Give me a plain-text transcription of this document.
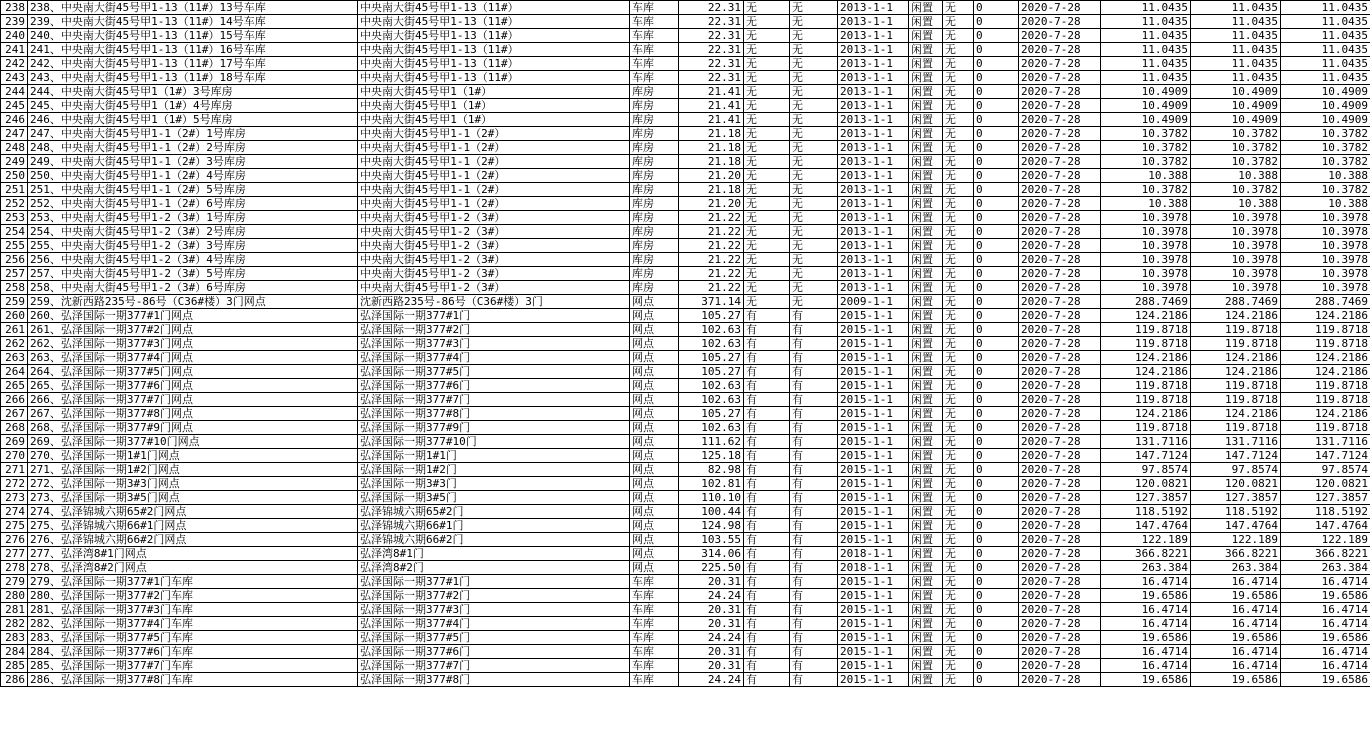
238	238、中央南大街45号甲1-13（11#）13号车库	中央南大街45号甲1-13（11#）	车库	22.31	无	无	2013-1-1	闲置	无	0	2020-7-28	11.0435	11.0435	11.0435
239	239、中央南大街45号甲1-13（11#）14号车库	中央南大街45号甲1-13（11#）	车库	22.31	无	无	2013-1-1	闲置	无	0	2020-7-28	11.0435	11.0435	11.0435
240	240、中央南大街45号甲1-13（11#）15号车库	中央南大街45号甲1-13（11#）	车库	22.31	无	无	2013-1-1	闲置	无	0	2020-7-28	11.0435	11.0435	11.0435
241	241、中央南大街45号甲1-13（11#）16号车库	中央南大街45号甲1-13（11#）	车库	22.31	无	无	2013-1-1	闲置	无	0	2020-7-28	11.0435	11.0435	11.0435
242	242、中央南大街45号甲1-13（11#）17号车库	中央南大街45号甲1-13（11#）	车库	22.31	无	无	2013-1-1	闲置	无	0	2020-7-28	11.0435	11.0435	11.0435
243	243、中央南大街45号甲1-13（11#）18号车库	中央南大街45号甲1-13（11#）	车库	22.31	无	无	2013-1-1	闲置	无	0	2020-7-28	11.0435	11.0435	11.0435
244	244、中央南大街45号甲1（1#）3号库房	中央南大街45号甲1（1#）	库房	21.41	无	无	2013-1-1	闲置	无	0	2020-7-28	10.4909	10.4909	10.4909
245	245、中央南大街45号甲1（1#）4号库房	中央南大街45号甲1（1#）	库房	21.41	无	无	2013-1-1	闲置	无	0	2020-7-28	10.4909	10.4909	10.4909
246	246、中央南大街45号甲1（1#）5号库房	中央南大街45号甲1（1#）	库房	21.41	无	无	2013-1-1	闲置	无	0	2020-7-28	10.4909	10.4909	10.4909
247	247、中央南大街45号甲1-1（2#）1号库房	中央南大街45号甲1-1（2#）	库房	21.18	无	无	2013-1-1	闲置	无	0	2020-7-28	10.3782	10.3782	10.3782
248	248、中央南大街45号甲1-1（2#）2号库房	中央南大街45号甲1-1（2#）	库房	21.18	无	无	2013-1-1	闲置	无	0	2020-7-28	10.3782	10.3782	10.3782
249	249、中央南大街45号甲1-1（2#）3号库房	中央南大街45号甲1-1（2#）	库房	21.18	无	无	2013-1-1	闲置	无	0	2020-7-28	10.3782	10.3782	10.3782
250	250、中央南大街45号甲1-1（2#）4号库房	中央南大街45号甲1-1（2#）	库房	21.20	无	无	2013-1-1	闲置	无	0	2020-7-28	10.388	10.388	10.388
251	251、中央南大街45号甲1-1（2#）5号库房	中央南大街45号甲1-1（2#）	库房	21.18	无	无	2013-1-1	闲置	无	0	2020-7-28	10.3782	10.3782	10.3782
252	252、中央南大街45号甲1-1（2#）6号库房	中央南大街45号甲1-1（2#）	库房	21.20	无	无	2013-1-1	闲置	无	0	2020-7-28	10.388	10.388	10.388
253	253、中央南大街45号甲1-2（3#）1号库房	中央南大街45号甲1-2（3#）	库房	21.22	无	无	2013-1-1	闲置	无	0	2020-7-28	10.3978	10.3978	10.3978
254	254、中央南大街45号甲1-2（3#）2号库房	中央南大街45号甲1-2（3#）	库房	21.22	无	无	2013-1-1	闲置	无	0	2020-7-28	10.3978	10.3978	10.3978
255	255、中央南大街45号甲1-2（3#）3号库房	中央南大街45号甲1-2（3#）	库房	21.22	无	无	2013-1-1	闲置	无	0	2020-7-28	10.3978	10.3978	10.3978
256	256、中央南大街45号甲1-2（3#）4号库房	中央南大街45号甲1-2（3#）	库房	21.22	无	无	2013-1-1	闲置	无	0	2020-7-28	10.3978	10.3978	10.3978
257	257、中央南大街45号甲1-2（3#）5号库房	中央南大街45号甲1-2（3#）	库房	21.22	无	无	2013-1-1	闲置	无	0	2020-7-28	10.3978	10.3978	10.3978
258	258、中央南大街45号甲1-2（3#）6号库房	中央南大街45号甲1-2（3#）	库房	21.22	无	无	2013-1-1	闲置	无	0	2020-7-28	10.3978	10.3978	10.3978
259	259、沈新西路235号-86号（C36#楼）3门网点	沈新西路235号-86号（C36#楼）3门	网点	371.14	无	无	2009-1-1	闲置	无	0	2020-7-28	288.7469	288.7469	288.7469
260	260、弘泽国际一期377#1门网点	弘泽国际一期377#1门	网点	105.27	有	有	2015-1-1	闲置	无	0	2020-7-28	124.2186	124.2186	124.2186
261	261、弘泽国际一期377#2门网点	弘泽国际一期377#2门	网点	102.63	有	有	2015-1-1	闲置	无	0	2020-7-28	119.8718	119.8718	119.8718
262	262、弘泽国际一期377#3门网点	弘泽国际一期377#3门	网点	102.63	有	有	2015-1-1	闲置	无	0	2020-7-28	119.8718	119.8718	119.8718
263	263、弘泽国际一期377#4门网点	弘泽国际一期377#4门	网点	105.27	有	有	2015-1-1	闲置	无	0	2020-7-28	124.2186	124.2186	124.2186
264	264、弘泽国际一期377#5门网点	弘泽国际一期377#5门	网点	105.27	有	有	2015-1-1	闲置	无	0	2020-7-28	124.2186	124.2186	124.2186
265	265、弘泽国际一期377#6门网点	弘泽国际一期377#6门	网点	102.63	有	有	2015-1-1	闲置	无	0	2020-7-28	119.8718	119.8718	119.8718
266	266、弘泽国际一期377#7门网点	弘泽国际一期377#7门	网点	102.63	有	有	2015-1-1	闲置	无	0	2020-7-28	119.8718	119.8718	119.8718
267	267、弘泽国际一期377#8门网点	弘泽国际一期377#8门	网点	105.27	有	有	2015-1-1	闲置	无	0	2020-7-28	124.2186	124.2186	124.2186
268	268、弘泽国际一期377#9门网点	弘泽国际一期377#9门	网点	102.63	有	有	2015-1-1	闲置	无	0	2020-7-28	119.8718	119.8718	119.8718
269	269、弘泽国际一期377#10门网点	弘泽国际一期377#10门	网点	111.62	有	有	2015-1-1	闲置	无	0	2020-7-28	131.7116	131.7116	131.7116
270	270、弘泽国际一期1#1门网点	弘泽国际一期1#1门	网点	125.18	有	有	2015-1-1	闲置	无	0	2020-7-28	147.7124	147.7124	147.7124
271	271、弘泽国际一期1#2门网点	弘泽国际一期1#2门	网点	82.98	有	有	2015-1-1	闲置	无	0	2020-7-28	97.8574	97.8574	97.8574
272	272、弘泽国际一期3#3门网点	弘泽国际一期3#3门	网点	102.81	有	有	2015-1-1	闲置	无	0	2020-7-28	120.0821	120.0821	120.0821
273	273、弘泽国际一期3#5门网点	弘泽国际一期3#5门	网点	110.10	有	有	2015-1-1	闲置	无	0	2020-7-28	127.3857	127.3857	127.3857
274	274、弘泽锦城六期65#2门网点	弘泽锦城六期65#2门	网点	100.44	有	有	2015-1-1	闲置	无	0	2020-7-28	118.5192	118.5192	118.5192
275	275、弘泽锦城六期66#1门网点	弘泽锦城六期66#1门	网点	124.98	有	有	2015-1-1	闲置	无	0	2020-7-28	147.4764	147.4764	147.4764
276	276、弘泽锦城六期66#2门网点	弘泽锦城六期66#2门	网点	103.55	有	有	2015-1-1	闲置	无	0	2020-7-28	122.189	122.189	122.189
277	277、弘泽湾8#1门网点	弘泽湾8#1门	网点	314.06	有	有	2018-1-1	闲置	无	0	2020-7-28	366.8221	366.8221	366.8221
278	278、弘泽湾8#2门网点	弘泽湾8#2门	网点	225.50	有	有	2018-1-1	闲置	无	0	2020-7-28	263.384	263.384	263.384
279	279、弘泽国际一期377#1门车库	弘泽国际一期377#1门	车库	20.31	有	有	2015-1-1	闲置	无	0	2020-7-28	16.4714	16.4714	16.4714
280	280、弘泽国际一期377#2门车库	弘泽国际一期377#2门	车库	24.24	有	有	2015-1-1	闲置	无	0	2020-7-28	19.6586	19.6586	19.6586
281	281、弘泽国际一期377#3门车库	弘泽国际一期377#3门	车库	20.31	有	有	2015-1-1	闲置	无	0	2020-7-28	16.4714	16.4714	16.4714
282	282、弘泽国际一期377#4门车库	弘泽国际一期377#4门	车库	20.31	有	有	2015-1-1	闲置	无	0	2020-7-28	16.4714	16.4714	16.4714
283	283、弘泽国际一期377#5门车库	弘泽国际一期377#5门	车库	24.24	有	有	2015-1-1	闲置	无	0	2020-7-28	19.6586	19.6586	19.6586
284	284、弘泽国际一期377#6门车库	弘泽国际一期377#6门	车库	20.31	有	有	2015-1-1	闲置	无	0	2020-7-28	16.4714	16.4714	16.4714
285	285、弘泽国际一期377#7门车库	弘泽国际一期377#7门	车库	20.31	有	有	2015-1-1	闲置	无	0	2020-7-28	16.4714	16.4714	16.4714
286	286、弘泽国际一期377#8门车库	弘泽国际一期377#8门	车库	24.24	有	有	2015-1-1	闲置	无	0	2020-7-28	19.6586	19.6586	19.6586
